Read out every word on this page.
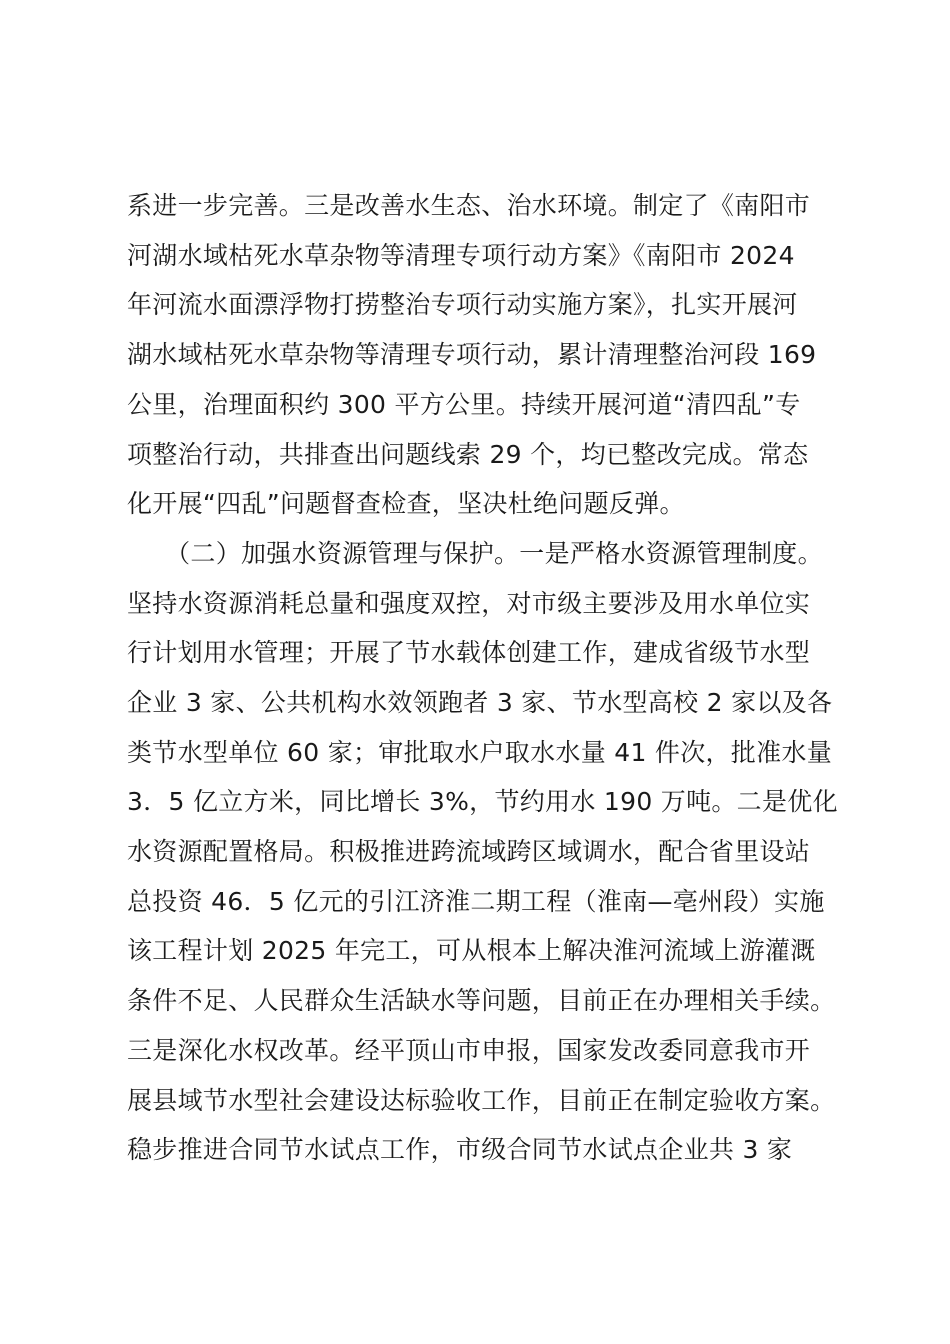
系进一步完善。三是改善水生态、治水环境。制定了《南阳市
河湖水域枯死水草杂物等清理专项行动方案》《南阳市 2024
年河流水面漂浮物打捞整治专项行动实施方案》，扎实开展河
湖水域枯死水草杂物等清理专项行动，累计清理整治河段 169
公里，治理面积约 300 平方公里。持续开展河道“清四乱”专
项整治行动，共排查出问题线索 29 个，均已整改完成。常态
化开展“四乱”问题督查检查，坚决杜绝问题反弹。
　　（二）加强水资源管理与保护。一是严格水资源管理制度。
坚持水资源消耗总量和强度双控，对市级主要涉及用水单位实
行计划用水管理；开展了节水载体创建工作，建成省级节水型
企业 3 家、公共机构水效领跑者 3 家、节水型高校 2 家以及各
类节水型单位 60 家；审批取水户取水水量 41 件次，批准水量
3．5 亿立方米，同比增长 3%，节约用水 190 万吨。二是优化
水资源配置格局。积极推进跨流域跨区域调水，配合省里设站
总投资 46．5 亿元的引江济淮二期工程（淮南—亳州段）实施
该工程计划 2025 年完工，可从根本上解决淮河流域上游灌溉
条件不足、人民群众生活缺水等问题，目前正在办理相关手续。
三是深化水权改革。经平顶山市申报，国家发改委同意我市开
展县域节水型社会建设达标验收工作，目前正在制定验收方案。
稳步推进合同节水试点工作，市级合同节水试点企业共 3 家
